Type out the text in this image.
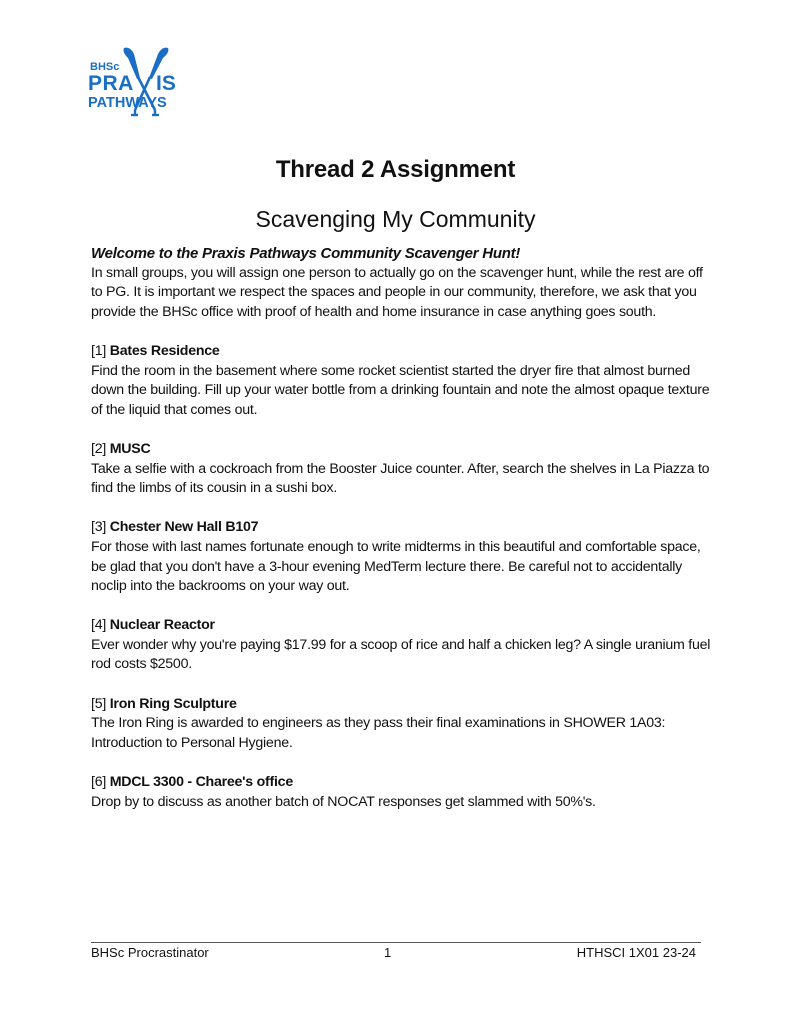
BHSc
PRA IS
PATHWAYS
Thread 2 Assignment
Scavenging My Community

Welcome to the Praxis Pathways Community Scavenger Hunt!

In small groups, you will assign one person to actually go on the scavenger hunt, while the rest are off to PG. It is important we respect the spaces and people in our community, therefore, we ask that you provide the BHSc office with proof of health and home insurance in case anything goes south.

[1] Bates Residence

Find the room in the basement where some rocket scientist started the dryer fire that almost burned down the building. Fill up your water bottle from a drinking fountain and note the almost opaque texture of the liquid that comes out.

[2] MUSC

Take a selfie with a cockroach from the Booster Juice counter. After, search the shelves in La Piazza to find the limbs of its cousin in a sushi box.

[3] Chester New Hall B107

For those with last names fortunate enough to write midterms in this beautiful and comfortable space, be glad that you don't have a 3-hour evening MedTerm lecture there. Be careful not to accidentally noclip into the backrooms on your way out.

[4] Nuclear Reactor

Ever wonder why you're paying $17.99 for a scoop of rice and half a chicken leg? A single uranium fuel rod costs $2500.

[5] Iron Ring Sculpture

The Iron Ring is awarded to engineers as they pass their final examinations in SHOWER 1A03: Introduction to Personal Hygiene.

[6] MDCL 3300 - Charee's office

Drop by to discuss as another batch of NOCAT responses get slammed with 50%'s.

BHSc Procrastinator	1	HTHSCI 1X01 23-24
